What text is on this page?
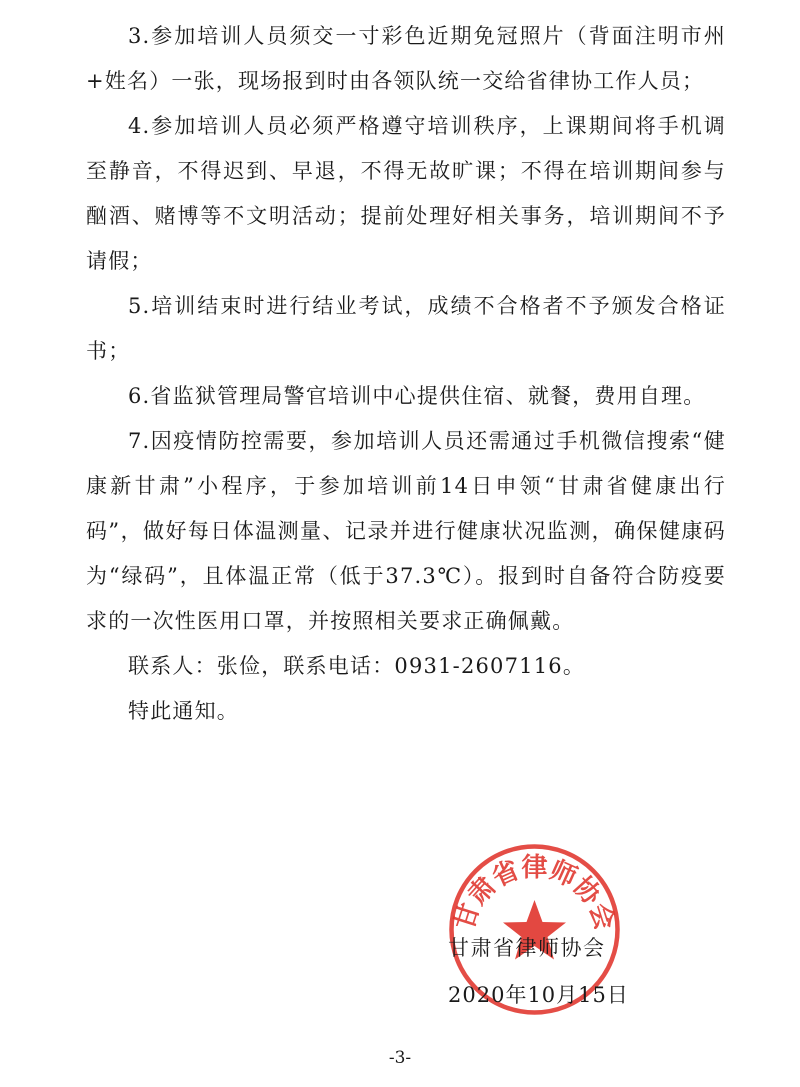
3.参加培训人员须交一寸彩色近期免冠照片（背面注明市州+姓名）一张，现场报到时由各领队统一交给省律协工作人员；

4.参加培训人员必须严格遵守培训秩序，上课期间将手机调至静音，不得迟到、早退，不得无故旷课；不得在培训期间参与酗酒、赌博等不文明活动；提前处理好相关事务，培训期间不予请假；

5.培训结束时进行结业考试，成绩不合格者不予颁发合格证书；

6.省监狱管理局警官培训中心提供住宿、就餐，费用自理。

7.因疫情防控需要，参加培训人员还需通过手机微信搜索“健康新甘肃”小程序，于参加培训前14日申领“甘肃省健康出行码”，做好每日体温测量、记录并进行健康状况监测，确保健康码为“绿码”，且体温正常（低于37.3℃）。报到时自备符合防疫要求的一次性医用口罩，并按照相关要求正确佩戴。

联系人：张俭，联系电话：0931-2607116。

特此通知。

甘肃省律师协会
甘肃省律师协会
2020年10月15日
-3-
